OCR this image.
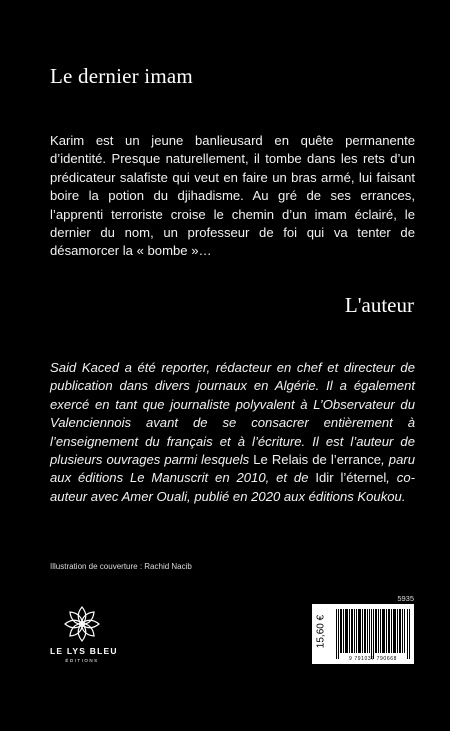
Le dernier imam

Karim est un jeune banlieusard en quête permanente d’identité. Presque naturellement, il tombe dans les rets d’un prédicateur salafiste qui veut en faire un bras armé, lui faisant boire la potion du djihadisme. Au gré de ses errances, l’apprenti terroriste croise le chemin d’un imam éclairé, le dernier du nom, un professeur de foi qui va tenter de désamorcer la « bombe »…

L'auteur

Said Kaced a été reporter, rédacteur en chef et directeur de publication dans divers journaux en Algérie. Il a également exercé en tant que journaliste polyvalent à L’Observateur du Valenciennois avant de se consacrer entièrement à l’enseignement du français et à l’écriture. Il est l’auteur de plusieurs ouvrages parmi lesquels Le Relais de l’errance, paru aux éditions Le Manuscrit en 2010, et de Idir l’éternel, co-auteur avec Amer Ouali, publié en 2020 aux éditions Koukou.

Illustration de couverture : Rachid Nacib

LE LYS BLEU
ÉDITIONS
5935
15,60 €
9 791037 790668
